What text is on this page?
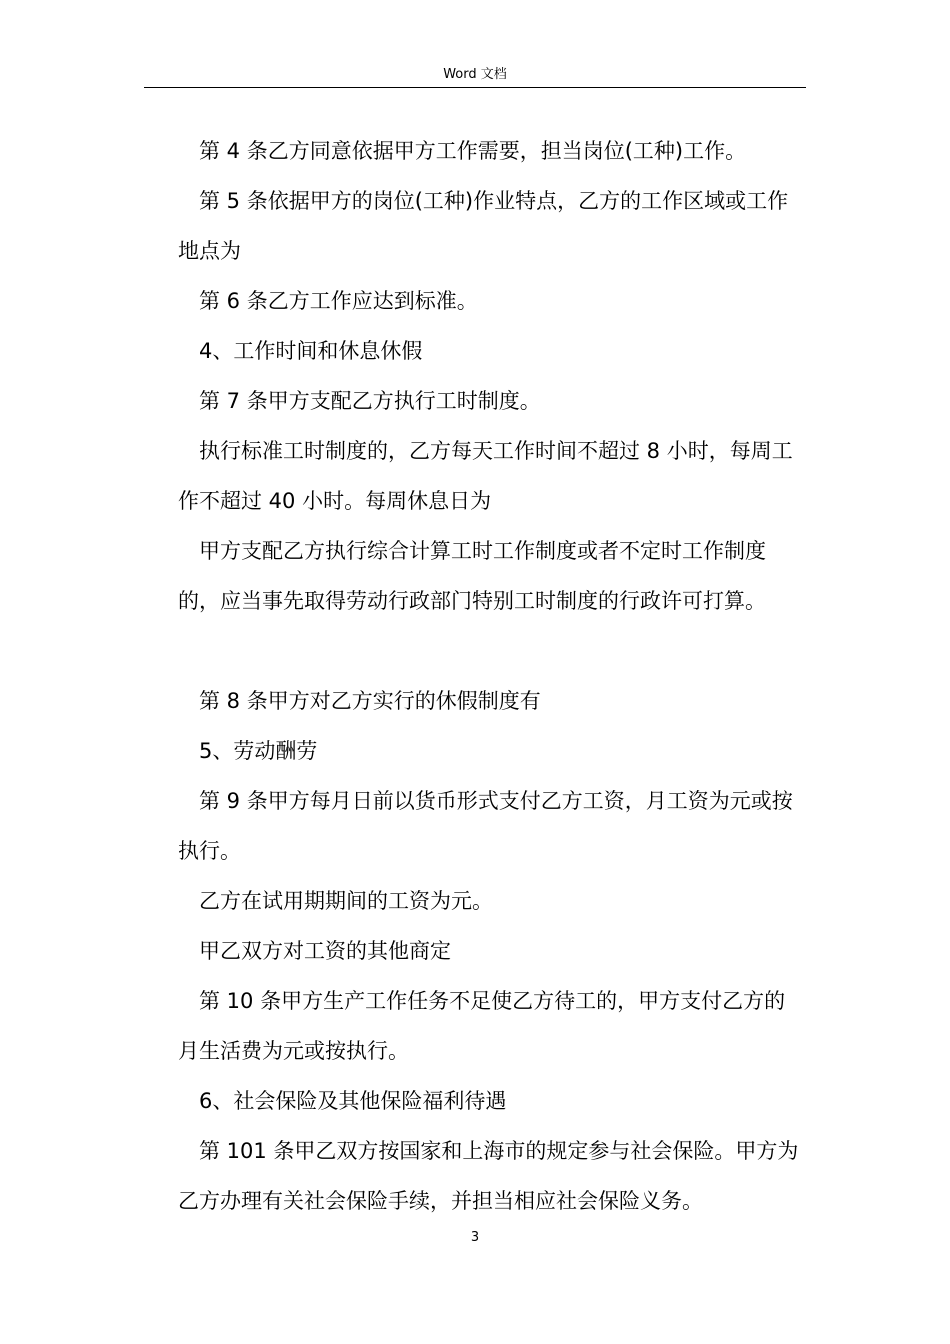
Word 文档

第 4 条乙方同意依据甲方工作需要，担当岗位(工种)工作。

第 5 条依据甲方的岗位(工种)作业特点，乙方的工作区域或工作地点为

第 6 条乙方工作应达到标准。

4、工作时间和休息休假

第 7 条甲方支配乙方执行工时制度。

执行标准工时制度的，乙方每天工作时间不超过 8 小时，每周工作不超过 40 小时。每周休息日为

甲方支配乙方执行综合计算工时工作制度或者不定时工作制度的，应当事先取得劳动行政部门特别工时制度的行政许可打算。

第 8 条甲方对乙方实行的休假制度有

5、劳动酬劳

第 9 条甲方每月日前以货币形式支付乙方工资，月工资为元或按执行。

乙方在试用期期间的工资为元。

甲乙双方对工资的其他商定

第 10 条甲方生产工作任务不足使乙方待工的，甲方支付乙方的月生活费为元或按执行。

6、社会保险及其他保险福利待遇

第 101 条甲乙双方按国家和上海市的规定参与社会保险。甲方为乙方办理有关社会保险手续，并担当相应社会保险义务。

3
